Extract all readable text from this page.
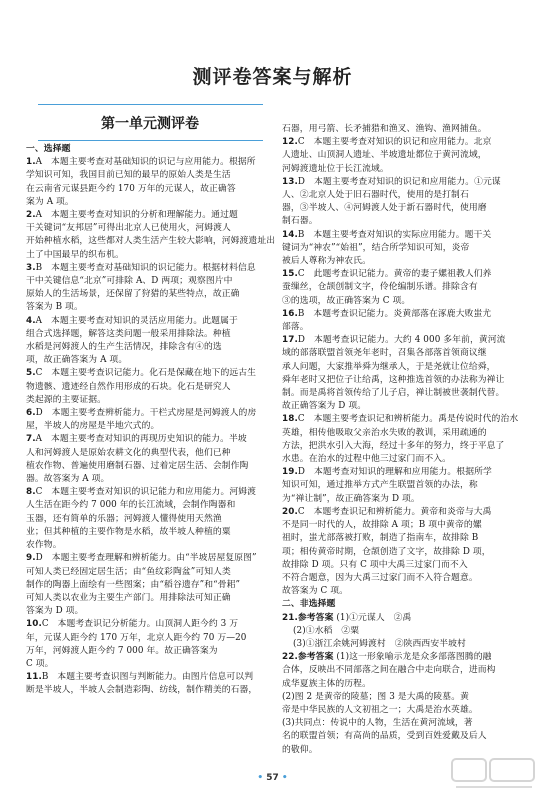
测评卷答案与解析
第一单元测评卷
一、选择题
1.A　本题主要考查对基础知识的识记与应用能力。根据所
学知识可知，我国目前已知的最早的原始人类是生活
在云南省元谋县距今约 170 万年的元谋人，故正确答
案为 A 项。
2.A　本题主要考查对知识的分析和理解能力。通过题
干关键词“友邦居”可得出北京人已使用火，河姆渡人
开始种植水稻，这些都对人类生活产生较大影响，河姆渡遗址出
土了中国最早的织布机。
3.B　本题主要考查对基础知识的识记能力。根据材料信息
干中关键信息“北京”可排除 A、D 两项；观察图片中
原始人的生活场景，还保留了狩猎的某些特点，故正确
答案为 B 项。
4.A　本题主要考查对知识的灵活应用能力。此题属于
组合式选择题，解答这类问题一般采用排除法。种植
水稻是河姆渡人的生产生活情况，排除含有④的选
项，故正确答案为 A 项。
5.C　本题主要考查识记能力。化石是保藏在地下的远古生
物遗骸、遗迹经自然作用形成的石块。化石是研究人
类起源的主要证据。
6.D　本题主要考查辨析能力。干栏式房屋是河姆渡人的房
屋，半坡人的房屋是半地穴式的。
7.A　本题主要考查对知识的再现历史知识的能力。半坡
人和河姆渡人是原始农耕文化的典型代表，他们已种
植农作物、普遍使用磨制石器、过着定居生活、会制作陶
器。故答案为 A 项。
8.C　本题主要考查对知识的识记能力和应用能力。河姆渡
人生活在距今约 7 000 年的长江流域，会制作陶器和
玉器，还有简单的乐器；河姆渡人懂得使用天然渔
业；但其种植的主要作物是水稻，故半坡人种植的粟
农作物。
9.D　本题主要考查理解和辨析能力。由“半坡居屋复原图”
可知人类已经固定居生活；由“鱼纹彩陶盆”可知人类
制作的陶器上面绘有一些图案；由“稻谷遗存”和“骨耜”
可知人类以农业为主要生产部门。用排除法可知正确
答案为 D 项。
10.C　本题考查识记分析能力。山顶洞人距今约 3 万
年，元谋人距今约 170 万年，北京人距今约 70 万—20
万年，河姆渡人距今约 7 000 年。故正确答案为
C 项。
11.B　本题主要考查识图与判断能力。由图片信息可以判
断是半坡人，半坡人会制造彩陶、纺线，制作精美的石器，
石器，用弓箭、长矛捕猎和渔叉、渔钩、渔网捕鱼。
12.C　本题主要考查对知识的识记和应用能力。北京
人遗址、山顶洞人遗址、半坡遗址都位于黄河流域，
河姆渡遗址位于长江流域。
13.D　本题主要考查对知识的识记和应用能力。①元谋
人、②北京人处于旧石器时代，使用的是打制石
器，③半坡人、④河姆渡人处于新石器时代，使用磨
制石器。
14.B　本题主要考查对知识的实际应用能力。题干关
键词为“神农”“始祖”，结合所学知识可知，炎帝
被后人尊称为神农氏。
15.C　此题考查识记能力。黄帝的妻子嫘祖教人们养
蚕缫丝，仓颉创制文字，伶伦编制乐谱。排除含有
③的选项，故正确答案为 C 项。
16.B　本题考查识记能力。炎黄部落在涿鹿大败蚩尤
部落。
17.D　本题考查识记能力。大约 4 000 多年前，黄河流
域的部落联盟首领尧年老时，召集各部落首领商议继
承人问题，大家推举舜为继承人，于是尧就让位给舜，
舜年老时又把位子让给禹，这种推选首领的办法称为禅让
制。而是禹将首领传给了儿子启，禅让制被世袭制代替。
故正确答案为 D 项。
18.C　本题主要考查识记和辨析能力。禹是传说时代的治水
英雄，相传他吸取父亲治水失败的教训，采用疏通的
方法，把洪水引入大海，经过十多年的努力，终于平息了
水患。在治水的过程中他三过家门而不入。
19.D　本题考查对知识的理解和应用能力。根据所学
知识可知，通过推举方式产生联盟首领的办法，称
为“禅让制”，故正确答案为 D 项。
20.C　本题考查识记和辨析能力。黄帝和炎帝与大禹
不是同一时代的人，故排除 A 项；B 项中黄帝的嫘
祖时，蚩尤部落被打败，制造了指南车，故排除 B
项；相传黄帝时期，仓颉创造了文字，故排除 D 项，
故排除 D 项。只有 C 项中大禹三过家门而不入
不符合题意，因为大禹三过家门而不入符合题意。
故答案为 C 项。
二、非选择题
21.参考答案 (1)①元谋人　②禹
(2)①水稻　②粟
(3)①浙江余姚河姆渡村　②陕西西安半坡村
22.参考答案 (1)这一形象喻示龙是众多部落图腾的融
合体，反映出不同部落之间在融合中走向联合，进而构
成华夏族主体的历程。
(2)图 2 是黄帝的陵墓；图 3 是大禹的陵墓。黄
帝是中华民族的人文初祖之一；大禹是治水英雄。
(3)共同点：传说中的人物，生活在黄河流域，著
名的联盟首领；有高尚的品质，受到百姓爱戴及后人
的敬仰。
• 57 •
